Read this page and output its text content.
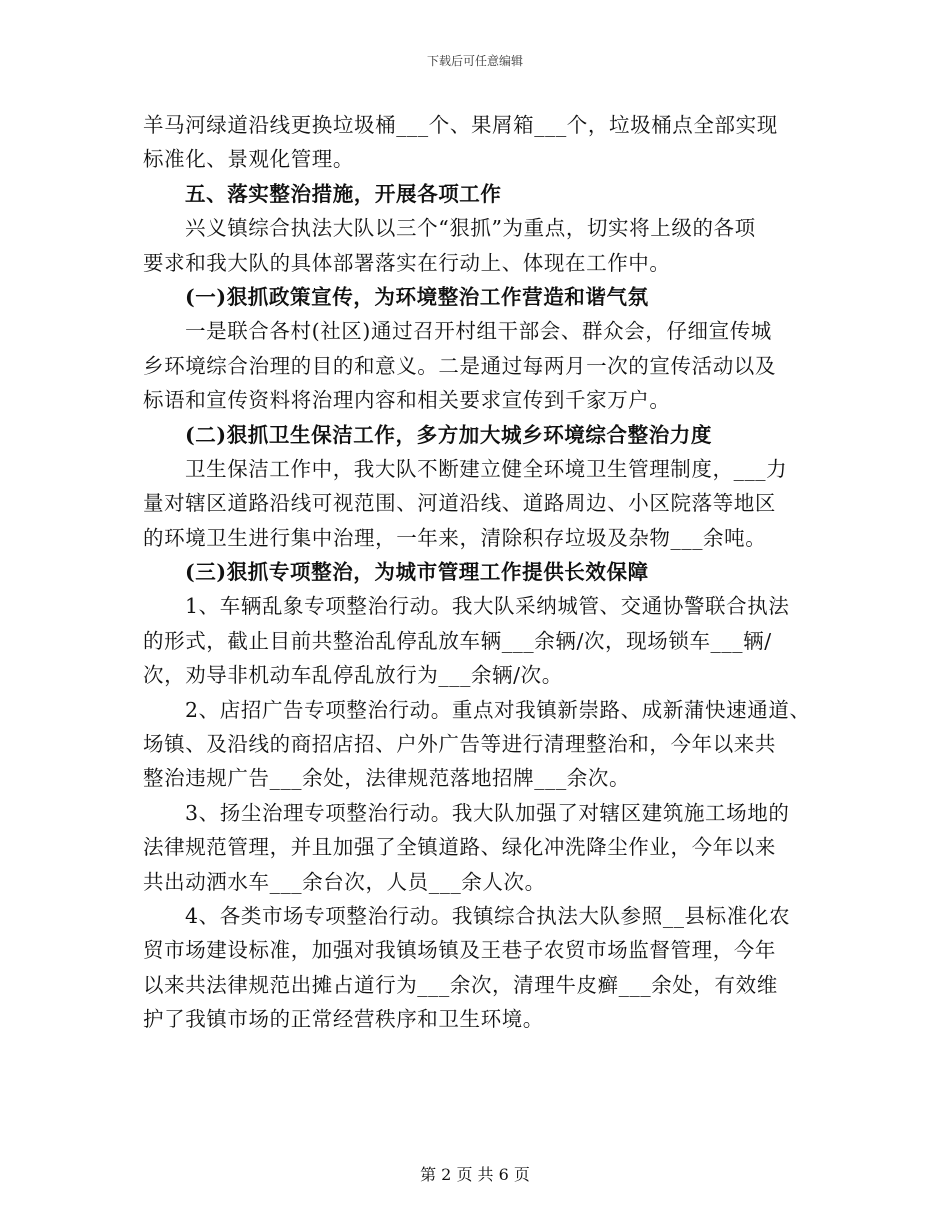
下载后可任意编辑
羊马河绿道沿线更换垃圾桶___个、果屑箱___个，垃圾桶点全部实现
标准化、景观化管理。
五、落实整治措施，开展各项工作
兴义镇综合执法大队以三个“狠抓”为重点，切实将上级的各项
要求和我大队的具体部署落实在行动上、体现在工作中。
(一)狠抓政策宣传，为环境整治工作营造和谐气氛
一是联合各村(社区)通过召开村组干部会、群众会，仔细宣传城
乡环境综合治理的目的和意义。二是通过每两月一次的宣传活动以及
标语和宣传资料将治理内容和相关要求宣传到千家万户。
(二)狠抓卫生保洁工作，多方加大城乡环境综合整治力度
卫生保洁工作中，我大队不断建立健全环境卫生管理制度，___力
量对辖区道路沿线可视范围、河道沿线、道路周边、小区院落等地区
的环境卫生进行集中治理，一年来，清除积存垃圾及杂物___余吨。
(三)狠抓专项整治，为城市管理工作提供长效保障
1、车辆乱象专项整治行动。我大队采纳城管、交通协警联合执法
的形式，截止目前共整治乱停乱放车辆___余辆/次，现场锁车___辆/
次，劝导非机动车乱停乱放行为___余辆/次。
2、店招广告专项整治行动。重点对我镇新崇路、成新蒲快速通道、
场镇、及沿线的商招店招、户外广告等进行清理整治和，今年以来共
整治违规广告___余处，法律规范落地招牌___余次。
3、扬尘治理专项整治行动。我大队加强了对辖区建筑施工场地的
法律规范管理，并且加强了全镇道路、绿化冲洗降尘作业，今年以来
共出动洒水车___余台次，人员___余人次。
4、各类市场专项整治行动。我镇综合执法大队参照__县标准化农
贸市场建设标准，加强对我镇场镇及王巷子农贸市场监督管理，今年
以来共法律规范出摊占道行为___余次，清理牛皮癣___余处，有效维
护了我镇市场的正常经营秩序和卫生环境。
第 2 页 共 6 页
